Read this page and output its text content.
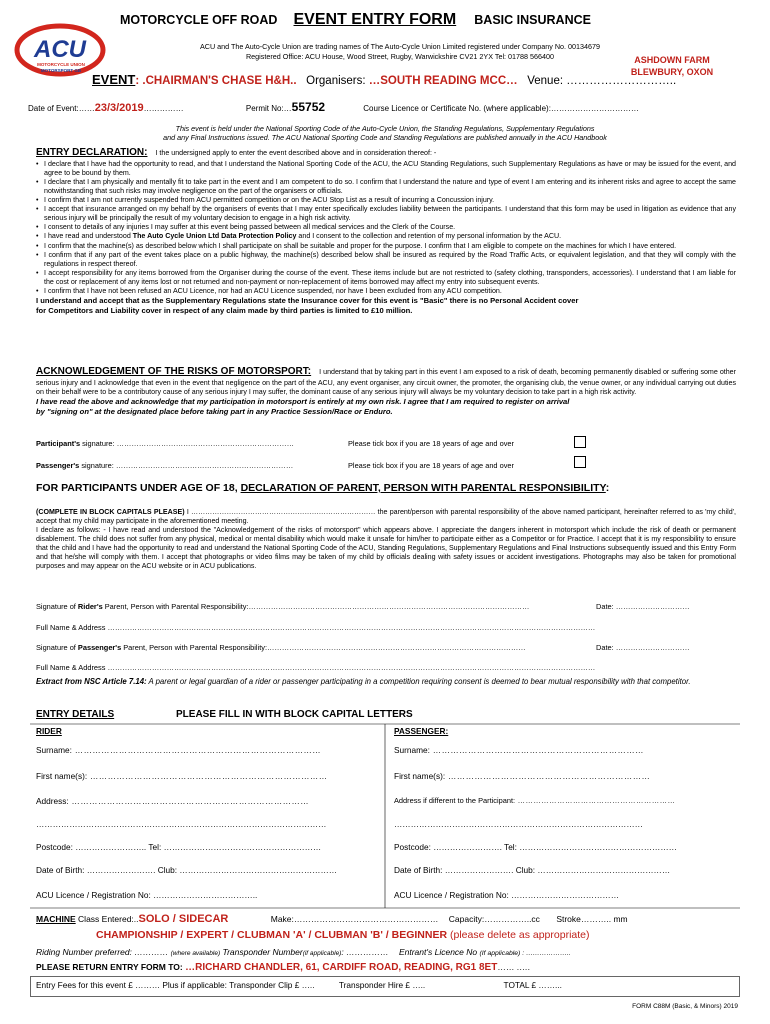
ACU
MOTORCYCLE UNION
MOTORSPORT GB
MOTORCYCLE OFF ROAD EVENT ENTRY FORM BASIC INSURANCE
ACU and The Auto-Cycle Union are trading names of The Auto-Cycle Union Limited registered under Company No. 00134679
Registered Office: ACU House, Wood Street, Rugby, Warwickshire CV21 2YX Tel: 01788 566400	ASHDOWN FARM
BLEWBURY, OXON
EVENT: .CHAIRMAN'S CHASE H&H.. Organisers: …SOUTH READING MCC… Venue: ………………………..
Date of Event:……23/3/2019……………	Permit No:…55752	Course Licence or Certificate No. (where applicable):……………………………
This event is held under the National Sporting Code of the Auto-Cycle Union, the Standing Regulations, Supplementary Regulations
and any Final Instructions issued. The ACU National Sporting Code and Standing Regulations are published annually in the ACU Handbook
ENTRY DECLARATION: I the undersigned apply to enter the event described above and in consideration thereof: -
• I declare that I have had the opportunity to read, and that I understand the National Sporting Code of the ACU, the ACU Standing Regulations, such Supplementary Regulations as have or may be issued for the event, and agree to be bound by them.
• I declare that I am physically and mentally fit to take part in the event and I am competent to do so. I confirm that I understand the nature and type of event I am entering and its inherent risks and agree to accept the same notwithstanding that such risks may involve negligence on the part of the organisers or officials.
• I confirm that I am not currently suspended from ACU permitted competition or on the ACU Stop List as a result of incurring a Concussion injury.
• I accept that insurance arranged on my behalf by the organisers of events that I may enter specifically excludes liability between the participants. I understand that this form may be used in litigation as evidence that any serious injury will be principally the result of my voluntary decision to engage in a high risk activity.
• I consent to details of any injuries I may suffer at this event being passed between all medical services and the Clerk of the Course.
• I have read and understood The Auto Cycle Union Ltd Data Protection Policy and I consent to the collection and retention of my personal information by the ACU.
• I confirm that the machine(s) as described below which I shall participate on shall be suitable and proper for the purpose. I confirm that I am eligible to compete on the machines for which I have entered.
• I confirm that if any part of the event takes place on a public highway, the machine(s) described below shall be insured as required by the Road Traffic Acts, or equivalent legislation, and that they will comply with the regulations in respect thereof.
• I accept responsibility for any items borrowed from the Organiser during the course of the event. These items include but are not restricted to (safety clothing, transponders, accessories). I understand that I am liable for the cost or replacement of any items lost or not returned and non-payment or non-replacement of items borrowed may affect my entry into subsequent events.
• I confirm that I have not been refused an ACU Licence, nor had an ACU Licence suspended, nor have I been excluded from any ACU competition.
I understand and accept that as the Supplementary Regulations state the Insurance cover for this event is "Basic" there is no Personal Accident cover
for Competitors and Liability cover in respect of any claim made by third parties is limited to £10 million.
ACKNOWLEDGEMENT OF THE RISKS OF MOTORSPORT: I understand that by taking part in this event I am exposed to a risk of death, becoming permanently disabled or suffering some other serious injury and I acknowledge that even in the event that negligence on the part of the ACU, any event organiser, any circuit owner, the promoter, the organising club, the venue owner, or any individual carrying out duties on their behalf were to be a contributory cause of any serious injury I may suffer, the dominant cause of any serious injury will always be my voluntary decision to take part in a high risk activity.
I have read the above and acknowledge that my participation in motorsport is entirely at my own risk. I agree that I am required to register on arrival
by "signing on" at the designated place before taking part in any Practice Session/Race or Enduro.
Participant's signature: ………………………………………………………………	Please tick box if you are 18 years of age and over
Passenger's signature: ………………………………………………………………	Please tick box if you are 18 years of age and over
FOR PARTICIPANTS UNDER AGE OF 18, DECLARATION OF PARENT, PERSON WITH PARENTAL RESPONSIBILITY:
(COMPLETE IN BLOCK CAPITALS PLEASE) I …………………………………………………………………… the parent/person with parental responsibility of the above named participant, hereinafter referred to as 'my child', accept that my child may participate in the aforementioned meeting.
I declare as follows: - I have read and understood the "Acknowledgement of the risks of motorsport" which appears above. I appreciate the dangers inherent in motorsport which include the risk of death or permanent disablement. The child does not suffer from any physical, medical or mental disability which would make it unsafe for him/her to participate either as a Competitor or for Practice. I accept that it is my responsibility to ensure that the child and I have had the opportunity to read and understand the National Sporting Code of the ACU, Standing Regulations, Supplementary Regulations and Final Instructions subsequently issued and this Entry Form and that he/she will comply with them. I accept that photographs or video films may be taken of my child by officials dealing with safety issues or accident investigations. Photographs may also be taken for promotional purposes and may appear on the ACU website or in ACU publications.
Signature of Rider's Parent, Person with Parental Responsibility:……………………………………………………………………………………………………	Date: …………………………
Full Name & Address ………………………………………………………………………………………………………………………………………………………………………………
Signature of Passenger's Parent, Person with Parental Responsibility:……………………………………………………………………………………………	Date: …………………………
Full Name & Address ………………………………………………………………………………………………………………………………………………………………………………
Extract from NSC Article 7.14: A parent or legal guardian of a rider or passenger participating in a competition requiring consent is deemed to bear mutual responsibility with that competitor.
ENTRY DETAILS	PLEASE FILL IN WITH BLOCK CAPITAL LETTERS
RIDER	PASSENGER:
Surname: …………………………………………………………………………	Surname: ………………………………………………………………
First name(s): ………………………………………………………………………	First name(s): ……………………………………………………………
Address: ………………………………………………………………………	Address if different to the Participant: ……………………………………………………
……………………………………………………………………………………………	………………………………………………………………………………
Postcode: …………………….. Tel: …………………………………………………	Postcode: ……………………. Tel: …………………………………………………
Date of Birth: ……………………. Club: …………………………………………………	Date of Birth: ……………………. Club: …………………………………………
ACU Licence / Registration No: ………………………………..	ACU Licence / Registration No: …………………………………
MACHINE Class Entered:..SOLO / SIDECAR	Make:…………………………………………… Capacity:……………..cc Stroke……….. mm
CHAMPIONSHIP / EXPERT / CLUBMAN 'A' / CLUBMAN 'B' / BEGINNER (please delete as appropriate)
Riding Number preferred: ………… (where available) Transponder Number(if applicable): …………… Entrant's Licence No (If applicable) : ………………..
PLEASE RETURN ENTRY FORM TO: …RICHARD CHANDLER, 61, CARDIFF ROAD, READING, RG1 8ET…… .….
Entry Fees for this event £ ……… Plus if applicable: Transponder Clip £ …..	Transponder Hire £ …..	TOTAL £ ……...
FORM C88M (Basic, & Minors) 2019
